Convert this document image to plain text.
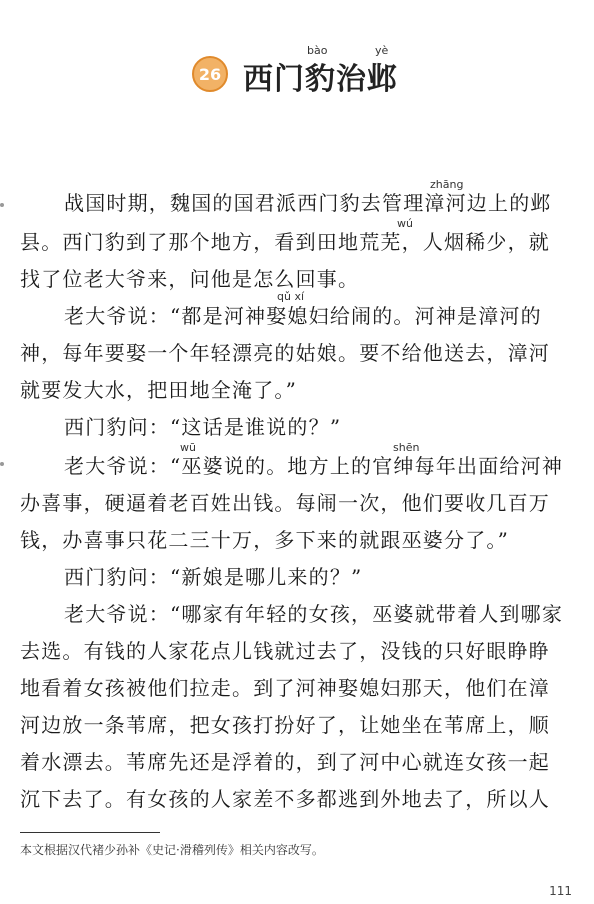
bào	yè
26 西门豹治邺
zhāng
wú
qǔ xí
wū	shēn
战国时期，魏国的国君派西门豹去管理漳河边上的邺
县。西门豹到了那个地方，看到田地荒芜，人烟稀少，就
找了位老大爷来，问他是怎么回事。
老大爷说：“都是河神娶媳妇给闹的。河神是漳河的
神，每年要娶一个年轻漂亮的姑娘。要不给他送去，漳河
就要发大水，把田地全淹了。”
西门豹问：“这话是谁说的？”
老大爷说：“巫婆说的。地方上的官绅每年出面给河神
办喜事，硬逼着老百姓出钱。每闹一次，他们要收几百万
钱，办喜事只花二三十万，多下来的就跟巫婆分了。”
西门豹问：“新娘是哪儿来的？”
老大爷说：“哪家有年轻的女孩，巫婆就带着人到哪家
去选。有钱的人家花点儿钱就过去了，没钱的只好眼睁睁
地看着女孩被他们拉走。到了河神娶媳妇那天，他们在漳
河边放一条苇席，把女孩打扮好了，让她坐在苇席上，顺
着水漂去。苇席先还是浮着的，到了河中心就连女孩一起
沉下去了。有女孩的人家差不多都逃到外地去了，所以人
本文根据汉代褚少孙补《史记·滑稽列传》相关内容改写。
111
